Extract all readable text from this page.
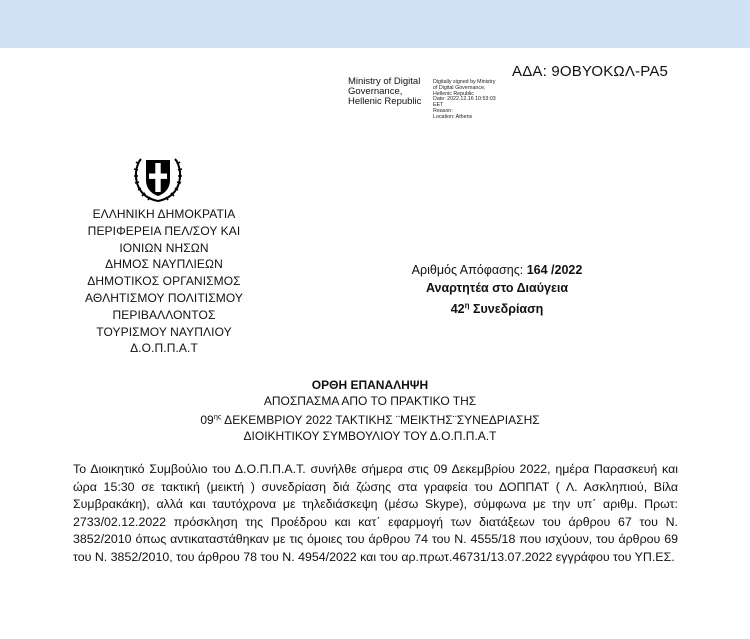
ΑΔΑ: 9ΟΒΥΟΚΩΛ-ΡΑ5
Ministry of Digital
Governance,
Hellenic Republic
Digitally signed by Ministry
of Digital Governance,
Hellenic Republic
Date: 2022.12.16 10:53:03
EET
Reason:
Location: Athens
ΕΛΛΗΝΙΚΗ ΔΗΜΟΚΡΑΤΙΑ
ΠΕΡΙΦΕΡΕΙΑ ΠΕΛ/ΣΟΥ ΚΑΙ
ΙΟΝΙΩΝ ΝΗΣΩΝ
ΔΗΜΟΣ ΝΑΥΠΛΙΕΩΝ
ΔΗΜΟΤΙΚΟΣ ΟΡΓΑΝΙΣΜΟΣ
ΑΘΛΗΤΙΣΜΟΥ ΠΟΛΙΤΙΣΜΟΥ
ΠΕΡΙΒΑΛΛΟΝΤΟΣ
ΤΟΥΡΙΣΜΟΥ ΝΑΥΠΛΙΟΥ
Δ.Ο.Π.Π.Α.Τ
Αριθμός Απόφασης: 164 /2022
Αναρτητέα στο Διαύγεια
$42^\eta$ Συνεδρίαση
ΟΡΘΗ ΕΠΑΝΑΛΗΨΗ
ΑΠΟΣΠΑΣΜΑ ΑΠΟ ΤΟ ΠΡΑΚΤΙΚΟ ΤΗΣ
$09^{\eta\varsigma}$ ΔΕΚΕΜΒΡΙΟΥ 2022 ΤΑΚΤΙΚΗΣ ¨ΜΕΙΚΤΗΣ¨ΣΥΝΕΔΡΙΑΣΗΣ
ΔΙΟΙΚΗΤΙΚΟΥ ΣΥΜΒΟΥΛΙΟΥ ΤΟΥ Δ.Ο.Π.Π.Α.Τ
Το Διοικητικό Συμβούλιο του Δ.Ο.Π.Π.Α.Τ. συνήλθε σήμερα στις 09 Δεκεμβρίου 2022, ημέρα Παρασκευή και ώρα 15:30 σε τακτική (μεικτή ) συνεδρίαση διά ζώσης στα γραφεία του ΔΟΠΠΑΤ ( Λ. Ασκληπιού, Βίλα Συμβρακάκη), αλλά και ταυτόχρονα με τηλεδιάσκεψη (μέσω Skype), σύμφωνα με την υπ΄ αριθμ. Πρωτ: 2733/02.12.2022 πρόσκληση της Προέδρου και κατ΄ εφαρμογή των διατάξεων του άρθρου 67 του Ν. 3852/2010 όπως αντικαταστάθηκαν με τις όμοιες του άρθρου 74 του Ν. 4555/18 που ισχύουν, του άρθρου 69 του Ν. 3852/2010, του άρθρου 78 του Ν. 4954/2022 και του αρ.πρωτ.46731/13.07.2022 εγγράφου του ΥΠ.ΕΣ.
